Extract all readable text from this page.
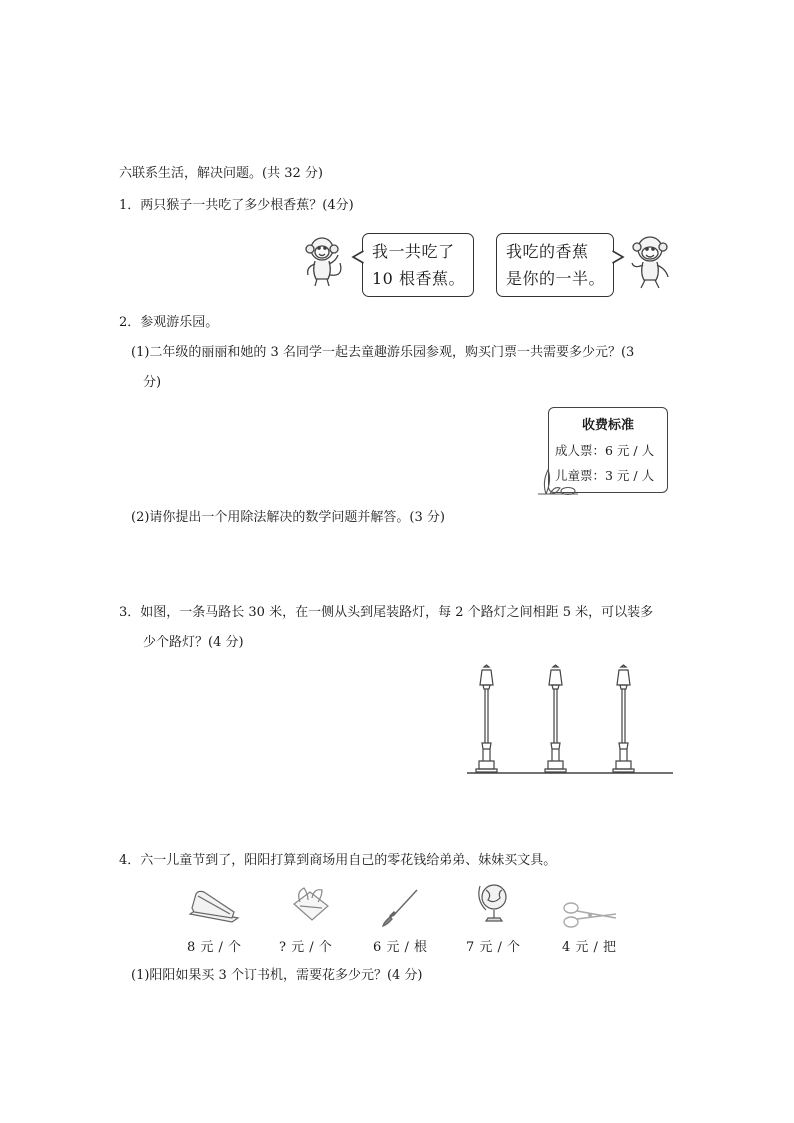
六联系生活，解决问题。(共 32 分)
1．两只猴子一共吃了多少根香蕉？(4分)
我一共吃了
10 根香蕉。
我吃的香蕉
是你的一半。
2．参观游乐园。
(1)二年级的丽丽和她的 3 名同学一起去童趣游乐园参观，购买门票一共需要多少元？(3
分)
收费标准
成人票：6 元 / 人
儿童票：3 元 / 人
(2)请你提出一个用除法解决的数学问题并解答。(3 分)
3．如图，一条马路长 30 米，在一侧从头到尾装路灯，每 2 个路灯之间相距 5 米，可以装多
少个路灯？(4 分)
4．六一儿童节到了，阳阳打算到商场用自己的零花钱给弟弟、妹妹买文具。
8 元 / 个	? 元 / 个	6 元 / 根	7 元 / 个	4 元 / 把
(1)阳阳如果买 3 个订书机，需要花多少元？(4 分)
